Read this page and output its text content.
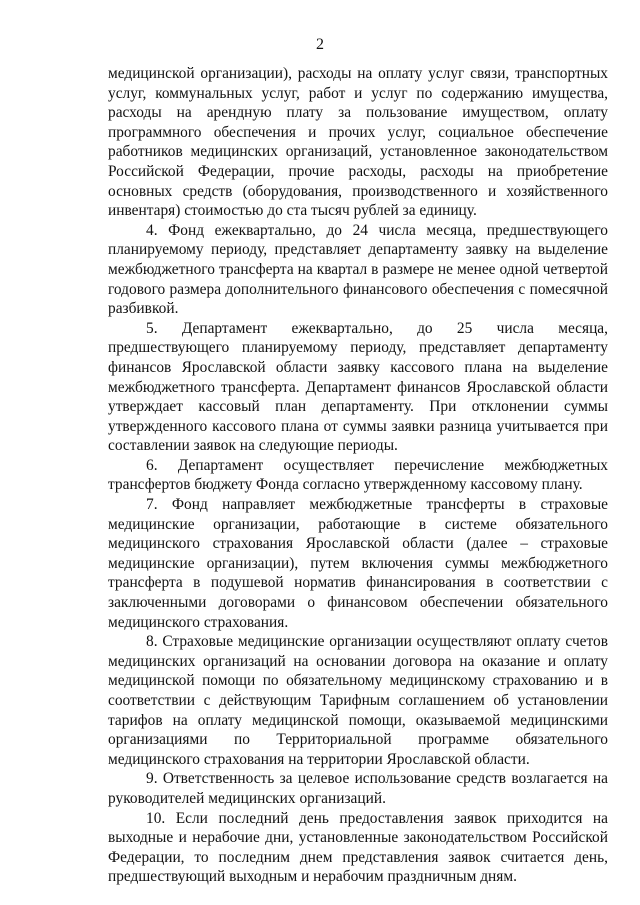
2

медицинской организации), расходы на оплату услуг связи, транспортных услуг, коммунальных услуг, работ и услуг по содержанию имущества, расходы на арендную плату за пользование имуществом, оплату программного обеспечения и прочих услуг, социальное обеспечение работников медицинских организаций, установленное законодательством Российской Федерации, прочие расходы, расходы на приобретение основных средств (оборудования, производственного и хозяйственного инвентаря) стоимостью до ста тысяч рублей за единицу.

4. Фонд ежеквартально, до 24 числа месяца, предшествующего планируемому периоду, представляет департаменту заявку на выделение межбюджетного трансферта на квартал в размере не менее одной четвертой годового размера дополнительного финансового обеспечения с помесячной разбивкой.

5. Департамент ежеквартально, до 25 числа месяца, предшествующего планируемому периоду, представляет департаменту финансов Ярославской области заявку кассового плана на выделение межбюджетного трансферта. Департамент финансов Ярославской области утверждает кассовый план департаменту. При отклонении суммы утвержденного кассового плана от суммы заявки разница учитывается при составлении заявок на следующие периоды.

6. Департамент осуществляет перечисление межбюджетных трансфертов бюджету Фонда согласно утвержденному кассовому плану.

7. Фонд направляет межбюджетные трансферты в страховые медицинские организации, работающие в системе обязательного медицинского страхования Ярославской области (далее – страховые медицинские организации), путем включения суммы межбюджетного трансферта в подушевой норматив финансирования в соответствии с заключенными договорами о финансовом обеспечении обязательного медицинского страхования.

8. Страховые медицинские организации осуществляют оплату счетов медицинских организаций на основании договора на оказание и оплату медицинской помощи по обязательному медицинскому страхованию и в соответствии с действующим Тарифным соглашением об установлении тарифов на оплату медицинской помощи, оказываемой медицинскими организациями по Территориальной программе обязательного медицинского страхования на территории Ярославской области.

9. Ответственность за целевое использование средств возлагается на руководителей медицинских организаций.

10. Если последний день предоставления заявок приходится на выходные и нерабочие дни, установленные законодательством Российской Федерации, то последним днем представления заявок считается день, предшествующий выходным и нерабочим праздничным дням.
